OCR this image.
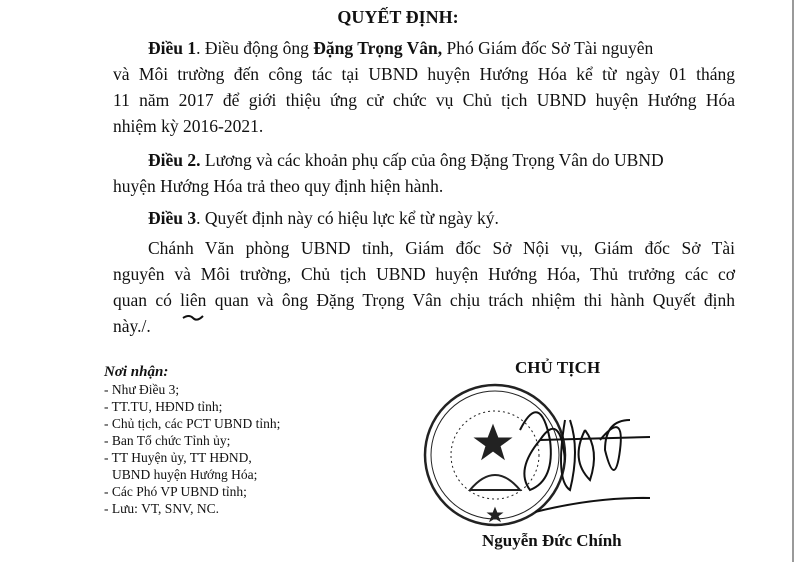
QUYẾT ĐỊNH:
Điều 1. Điều động ông Đặng Trọng Vân, Phó Giám đốc Sở Tài nguyên
và Môi trường đến công tác tại UBND huyện Hướng Hóa kể từ ngày 01 tháng
11 năm 2017 để giới thiệu ứng cử chức vụ Chủ tịch UBND huyện Hướng Hóa
nhiệm kỳ 2016-2021.
Điều 2. Lương và các khoản phụ cấp của ông Đặng Trọng Vân do UBND
huyện Hướng Hóa trả theo quy định hiện hành.
Điều 3. Quyết định này có hiệu lực kể từ ngày ký.
Chánh Văn phòng UBND tỉnh, Giám đốc Sở Nội vụ, Giám đốc Sở Tài
nguyên và Môi trường, Chủ tịch UBND huyện Hướng Hóa, Thủ trưởng các cơ
quan có liên quan và ông Đặng Trọng Vân chịu trách nhiệm thi hành Quyết định
này./.
Nơi nhận:
- Như Điều 3;
- TT.TU, HĐND tỉnh;
- Chủ tịch, các PCT UBND tỉnh;
- Ban Tổ chức Tỉnh ủy;
- TT Huyện ủy, TT HĐND,
UBND huyện Hướng Hóa;
- Các Phó VP UBND tỉnh;
- Lưu: VT, SNV, NC.
CHỦ TỊCH
Nguyễn Đức Chính
